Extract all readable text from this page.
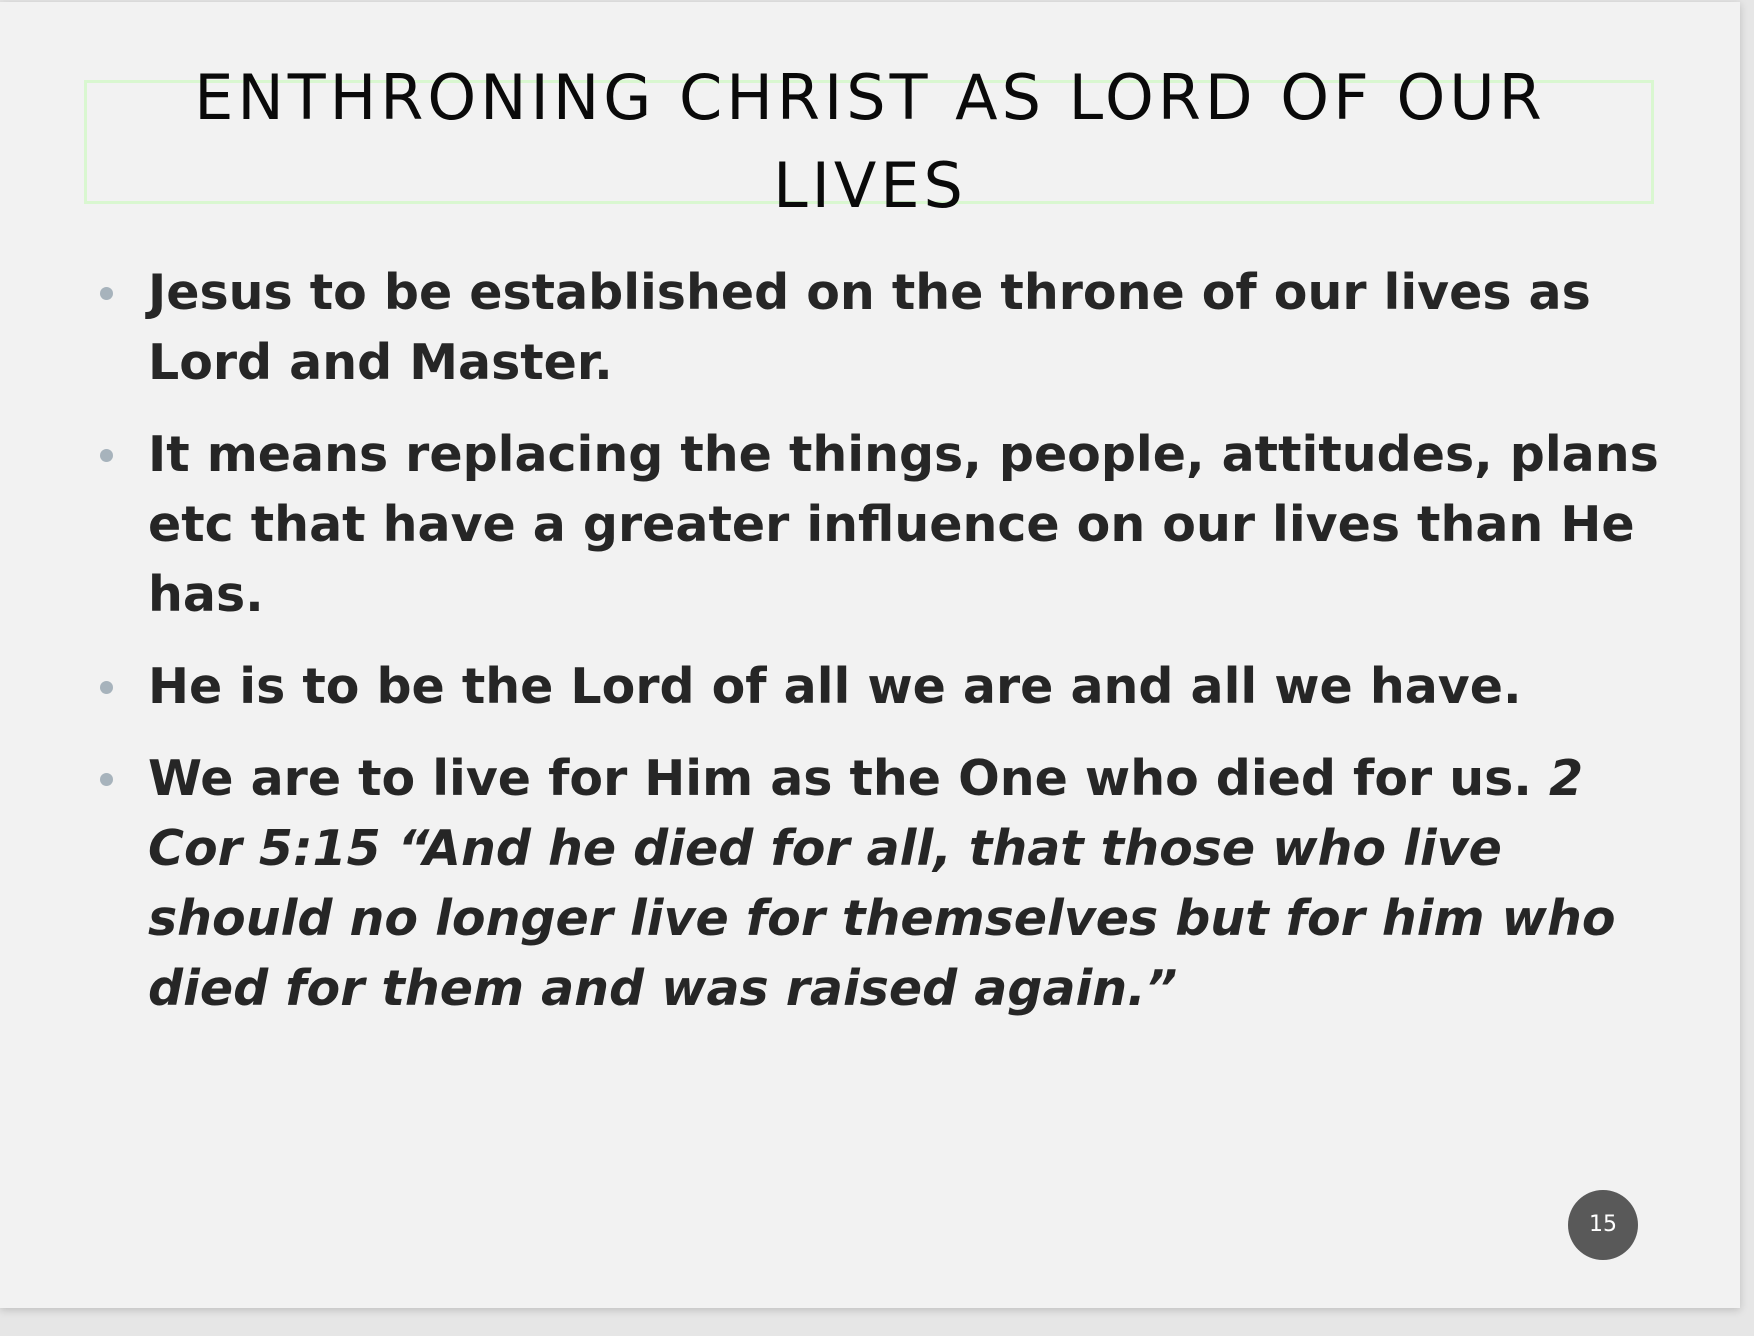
ENTHRONING CHRIST AS LORD OF OUR LIVES
Jesus to be established on the throne of our lives as Lord and Master.
It means replacing the things, people, attitudes, plans etc that have a greater influence on our lives than He has.
He is to be the Lord of all we are and all we have.
We are to live for Him as the One who died for us. 2 Cor 5:15 “And he died for all, that those who live should no longer live for themselves but for him who died for them and was raised again.”
15
